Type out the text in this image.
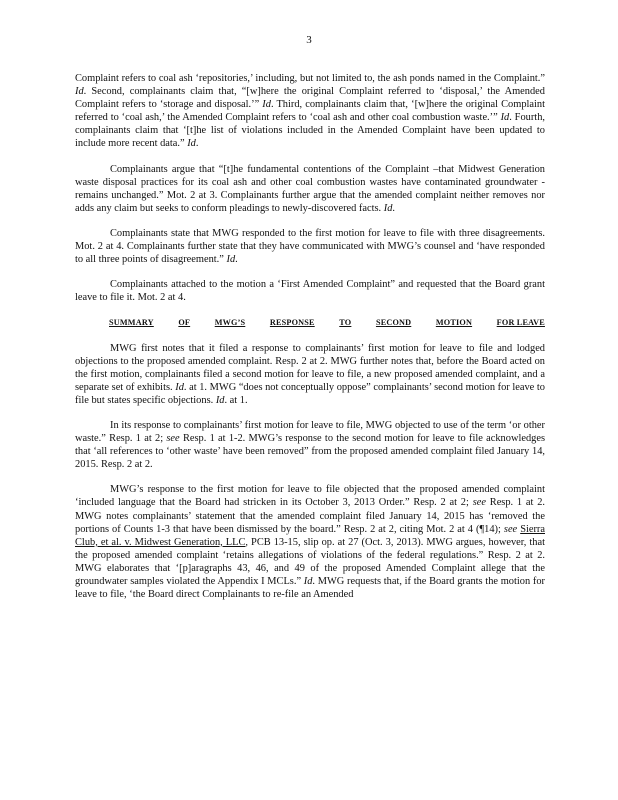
3

Complaint refers to coal ash ‘repositories,’ including, but not limited to, the ash ponds named in the Complaint.” Id. Second, complainants claim that, “[w]here the original Complaint referred to ‘disposal,’ the Amended Complaint refers to ‘storage and disposal.’” Id. Third, complainants claim that, ‘[w]here the original Complaint referred to ‘coal ash,’ the Amended Complaint refers to ‘coal ash and other coal combustion waste.’” Id. Fourth, complainants claim that ‘[t]he list of violations included in the Amended Complaint have been updated to include more recent data.” Id.

Complainants argue that “[t]he fundamental contentions of the Complaint –that Midwest Generation waste disposal practices for its coal ash and other coal combustion wastes have contaminated groundwater -remains unchanged.” Mot. 2 at 3. Complainants further argue that the amended complaint neither removes nor adds any claim but seeks to conform pleadings to newly-discovered facts. Id.

Complainants state that MWG responded to the first motion for leave to file with three disagreements. Mot. 2 at 4. Complainants further state that they have communicated with MWG’s counsel and ‘have responded to all three points of disagreement.” Id.

Complainants attached to the motion a ‘First Amended Complaint” and requested that the Board grant leave to file it. Mot. 2 at 4.

SUMMARY	OF	MWG’S	RESPONSE	TO	SECOND	MOTION	FOR LEAVE

MWG first notes that it filed a response to complainants’ first motion for leave to file and lodged objections to the proposed amended complaint. Resp. 2 at 2. MWG further notes that, before the Board acted on the first motion, complainants filed a second motion for leave to file, a new proposed amended complaint, and a separate set of exhibits. Id. at 1. MWG “does not conceptually oppose” complainants’ second motion for leave to file but states specific objections. Id. at 1.

In its response to complainants’ first motion for leave to file, MWG objected to use of the term ‘or other waste.” Resp. 1 at 2; see Resp. 1 at 1-2. MWG’s response to the second motion for leave to file acknowledges that ‘all references to ‘other waste’ have been removed” from the proposed amended complaint filed January 14, 2015. Resp. 2 at 2.

MWG’s response to the first motion for leave to file objected that the proposed amended complaint ‘included language that the Board had stricken in its October 3, 2013 Order.” Resp. 2 at 2; see Resp. 1 at 2. MWG notes complainants’ statement that the amended complaint filed January 14, 2015 has ‘removed the portions of Counts 1-3 that have been dismissed by the board.” Resp. 2 at 2, citing Mot. 2 at 4 (¶14); see Sierra Club, et al. v. Midwest Generation, LLC, PCB 13-15, slip op. at 27 (Oct. 3, 2013). MWG argues, however, that the proposed amended complaint ‘retains allegations of violations of the federal regulations.” Resp. 2 at 2. MWG elaborates that ‘[p]aragraphs 43, 46, and 49 of the proposed Amended Complaint allege that the groundwater samples violated the Appendix I MCLs.” Id. MWG requests that, if the Board grants the motion for leave to file, ‘the Board direct Complainants to re-file an Amended
